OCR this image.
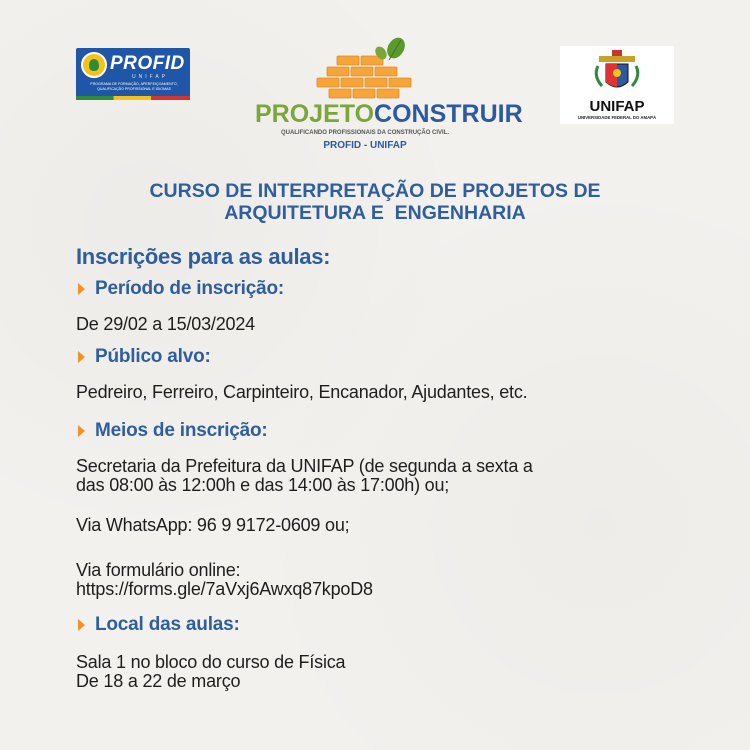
PROFID
UNIFAP
PROGRAMA DE FORMAÇÃO, APERFEIÇOAMENTO, QUALIFICAÇÃO PROFISSIONAL E IDIOMAS
PROJETOCONSTRUIR
QUALIFICANDO PROFISSIONAIS DA CONSTRUÇÃO CIVIL.
PROFID - UNIFAP
UNIFAP
UNIVERSIDADE FEDERAL DO AMAPÁ
CURSO DE INTERPRETAÇÃO DE PROJETOS DE
ARQUITETURA E  ENGENHARIA
Inscrições para as aulas:
Período de inscrição:

De 29/02 a 15/03/2024

Público alvo:

Pedreiro, Ferreiro, Carpinteiro, Encanador, Ajudantes, etc.

Meios de inscrição:

Secretaria da Prefeitura da UNIFAP (de segunda a sexta a
das 08:00 às 12:00h e das 14:00 às 17:00h) ou;

Via WhatsApp: 96 9 9172-0609 ou;

Via formulário online:
https://forms.gle/7aVxj6Awxq87kpoD8

Local das aulas:

Sala 1 no bloco do curso de Física
De 18 a 22 de março
